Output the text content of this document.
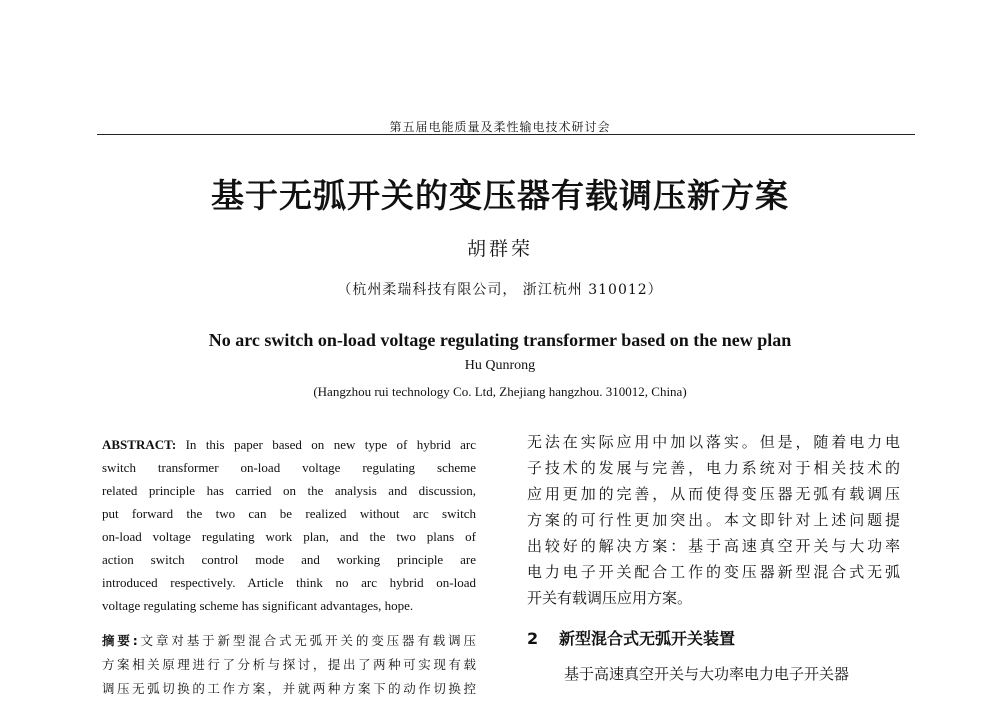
第五届电能质量及柔性输电技术研讨会
基于无弧开关的变压器有载调压新方案
胡群荣
（杭州柔瑞科技有限公司， 浙江杭州 310012）
No arc switch on-load voltage regulating transformer based on the new plan
Hu Qunrong
(Hangzhou rui technology Co. Ltd, Zhejiang hangzhou. 310012, China)
ABSTRACT: In this paper based on new type of hybrid arc
switch transformer on-load voltage regulating scheme
related principle has carried on the analysis and discussion,
put forward the two can be realized without arc switch
on-load voltage regulating work plan, and the two plans of
action switch control mode and working principle are
introduced respectively. Article think no arc hybrid on-load
voltage regulating scheme has significant advantages, hope.
摘要:文章对基于新型混合式无弧开关的变压器有载调压
方案相关原理进行了分析与探讨，提出了两种可实现有载
调压无弧切换的工作方案，并就两种方案下的动作切换控
无法在实际应用中加以落实。但是，随着电力电
子技术的发展与完善，电力系统对于相关技术的
应用更加的完善，从而使得变压器无弧有载调压
方案的可行性更加突出。本文即针对上述问题提
出较好的解决方案：基于高速真空开关与大功率
电力电子开关配合工作的变压器新型混合式无弧
开关有载调压应用方案。
2 新型混合式无弧开关装置
基于高速真空开关与大功率电力电子开关器
